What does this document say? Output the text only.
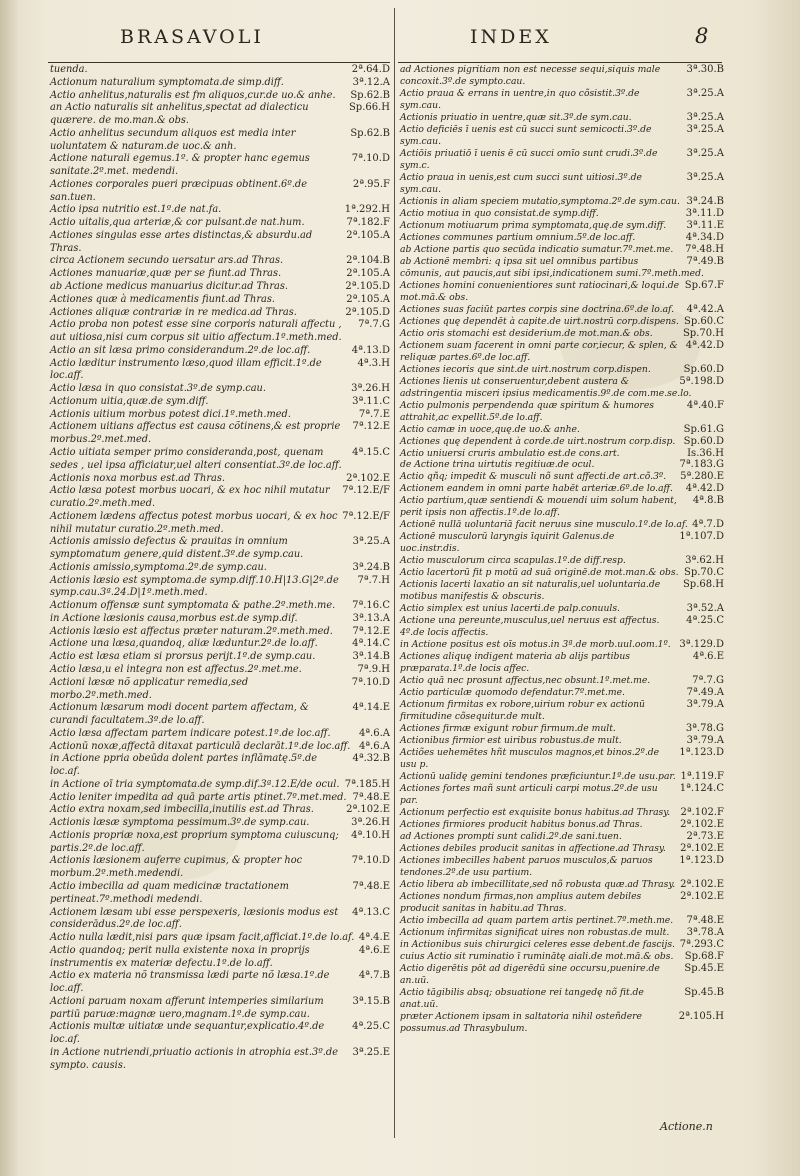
BRASAVOLI	INDEX	8

2ª.64.D
tuenda.

3ª.12.A
Actionum naturalium symptomata.de simp.diff.

Sp.62.B
Actio anhelitus,naturalis est fm aliquos,cur.de uo.& anhe.

Sp.66.H
an Actio naturalis sit anhelitus,spectat ad dialecticu quærere. de mo.man.& obs.

Sp.62.B
Actio anhelitus secundum aliquos est media inter uoluntatem & naturam.de uoc.& anh.

7ª.10.D
Actione naturali egemus.1º. & propter hanc egemus sanitate.2º.met. medendi.

2ª.95.F
Actiones corporales pueri præcipuas obtinent.6º.de san.tuen.

1ª.292.H
Actio ipsa nutritio est.1º.de nat.fa.

7ª.182.F
Actio uitalis,qua arteriæ,& cor pulsant.de nat.hum.

2ª.105.A
Actiones singulas esse artes distinctas,& absurdu.ad Thras.

2ª.104.B
circa Actionem secundo uersatur ars.ad Thras.

2ª.105.A
Actiones manuariæ,quæ per se fiunt.ad Thras.

2ª.105.D
ab Actione medicus manuarius dicitur.ad Thras.

2ª.105.A
Actiones quæ à medicamentis fiunt.ad Thras.

2ª.105.D
Actiones aliquæ contrariæ in re medica.ad Thras.

7ª.7.G
Actio proba non potest esse sine corporis naturali affectu , aut uitiosa,nisi cum corpus sit uitio affectum.1º.meth.med.

4ª.13.D
Actio an sit læsa primo considerandum.2º.de loc.aff.

4ª.3.H
Actio læditur instrumento læso,quod illam efficit.1º.de loc.aff.

3ª.26.H
Actio læsa in quo consistat.3º.de symp.cau.

3ª.11.C
Actionum uitia,quæ.de sym.diff.

7ª.7.E
Actionis uitium morbus potest dici.1º.meth.med.

7ª.12.E
Actionem uitians affectus est causa cõtinens,& est proprie morbus.2º.met.med.

4ª.15.C
Actio uitiata semper primo consideranda,post, quenam sedes , uel ipsa afficiatur,uel alteri consentiat.3º.de loc.aff.

2ª.102.E
Actionis noxa morbus est.ad Thras.

7ª.12.E/F
Actio læsa potest morbus uocari, & ex hoc nihil mutatur curatio.2º.meth.med.

7ª.12.E/F
Actionem lædens affectus potest morbus uocari, & ex hoc nihil mutatur curatio.2º.meth.med.

3ª.25.A
Actionis amissio defectus & prauitas in omnium symptomatum genere,quid distent.3º.de symp.cau.

3ª.24.B
Actionis amissio,symptoma.2º.de symp.cau.

7ª.7.H
Actionis læsio est symptoma.de symp.diff.10.H|13.G|2º.de symp.cau.3ª.24.D|1º.meth.med.

7ª.16.C
Actionum offensæ sunt symptomata & pathe.2º.meth.me.

3ª.13.A
in Actione læsionis causa,morbus est.de symp.dif.

7ª.12.E
Actionis læsio est affectus præter naturam.2º.meth.med.

4ª.14.C
Actione una læsa,quandoq, aliæ læduntur.2º.de lo.aff.

3ª.14.B
Actio est læsa etiam si prorsus perijt.1º.de symp.cau.

7ª.9.H
Actio læsa,u el integra non est affectus.2º.met.me.

7ª.10.D
Actioni læsæ nõ applicatur remedia,sed morbo.2º.meth.med.

4ª.14.E
Actionum læsarum modi docent partem affectam, & curandi facultatem.3º.de lo.aff.

4ª.6.A
Actio læsa affectam partem indicare potest.1º.de loc.aff.

4ª.6.A
Actionū noxæ,affectā ditaxat particulā declarāt.1º.de loc.aff.

4ª.32.B
in Actione ppria obeūda dolent partes inflāmatę.5º.de loc.af.

7ª.185.H
in Actione oī tria symptomata.de symp.dif.3ª.12.E/de ocul.

7ª.48.E
Actio leniter impedita ad quā parte artis ptinet.7º.met.med.

2ª.102.E
Actio extra noxam,sed imbecilla,inutilis est.ad Thras.

3ª.26.H
Actionis læsæ symptoma pessimum.3º.de symp.cau.

4ª.10.H
Actionis propriæ noxa,est proprium symptoma cuiuscunq; partis.2º.de loc.aff.

7ª.10.D
Actionis læsionem auferre cupimus, & propter hoc morbum.2º.meth.medendi.

7ª.48.E
Actio imbecilla ad quam medicinæ tractationem pertineat.7º.methodi medendi.

4ª.13.C
Actionem læsam ubi esse perspexeris, læsionis modus est considerādus.2º.de loc.aff.

4ª.4.E
Actio nulla lædit,nisi pars quæ ipsam facit,afficiat.1º.de lo.af.

4ª.6.E
Actio quandoq; perit nulla existente noxa in proprijs instrumentis ex materiæ defectu.1º.de lo.aff.

4ª.7.B
Actio ex materia nõ transmissa lædi parte nõ læsa.1º.de loc.aff.

3ª.15.B
Actioni paruam noxam afferunt intemperies similarium partiū paruæ:magnæ uero,magnam.1º.de symp.cau.

4ª.25.C
Actionis multæ uitiatæ unde sequantur,explicatio.4º.de loc.af.

3ª.25.E
in Actione nutriendi,priuatio actionis in atrophia est.3º.de sympto. causis.

3ª.30.B
ad Actiones pigritiam non est necesse sequi,siquis male concoxit.3º.de sympto.cau.

3ª.25.A
Actio praua & errans in uentre,in quo cõsistit.3º.de sym.cau.

3ª.25.A
Actionis priuatio in uentre,quæ sit.3º.de sym.cau.

3ª.25.A
Actio deficiēs ī uenis est cū succi sunt semicocti.3º.de sym.cau.

3ª.25.A
Actiōis priuatiō ī uenis ē cū succi omīo sunt crudi.3º.de sym.c.

3ª.25.A
Actio praua in uenis,est cum succi sunt uitiosi.3º.de sym.cau.

3ª.24.B
Actionis in aliam speciem mutatio,symptoma.2º.de sym.cau.

3ª.11.D
Actio motiua in quo consistat.de symp.diff.

3ª.11.E
Actionum motiuarum prima symptomata,quę.de sym.diff.

4ª.34.D
Actiones communes partium omnium.5º.de loc.aff.

7ª.48.H
ab Actione partis quo secūda indicatio sumatur.7º.met.me.

7ª.49.B
ab Actionē membri: q ipsa sit uel omnibus partibus cōmunis, aut paucis,aut sibi ipsi,indicationem sumi.7º.meth.med.

Sp.67.F
Actiones homini conuenientiores sunt ratiocinari,& loqui.de mot.mā.& obs.

4ª.42.A
Actiones suas faciūt partes corpis sine doctrina.6º.de lo.af.

Sp.60.C
Actiones quę dependēt à capite.de uirt.nostrū corp.dispens.

Sp.70.H
Actio oris stomachi est desiderium.de mot.man.& obs.

4ª.42.D
Actionem suam facerent in omni parte cor,iecur, & splen, & reliquæ partes.6º.de loc.aff.

Sp.60.D
Actiones iecoris que sint.de uirt.nostrum corp.dispen.

5ª.198.D
Actiones lienis ut conseruentur,debent austera & adstringentia misceri ipsius medicamentis.9º.de com.me.se.lo.

4ª.40.F
Actio pulmonis perpendenda quæ spiritum & humores attrahit,ac expellit.5º.de lo.aff.

Sp.61.G
Actio camæ in uoce,quę.de uo.& anhe.

Sp.60.D
Actiones quę dependent à corde.de uirt.nostrum corp.disp.

Is.36.H
Actio uniuersi cruris ambulatio est.de cons.art.

7ª.183.G
de Actione trina uirtutis regitiuæ.de ocul.

5ª.280.E
Actio qñq; impedit & musculi nõ sunt affecti.de art.cõ.3º.

4ª.42.D
Actionem eandem in omni parte habēt arteriæ.6º.de lo.aff.

4ª.8.B
Actio partium,quæ sentiendi & mouendi uim solum habent, perit ipsis non affectis.1º.de lo.aff.

4ª.7.D
Actionē nullā uoluntariā facit neruus sine musculo.1º.de lo.af.

1ª.107.D
Actionē musculorū laryngis īquirit Galenus.de uoc.instr.dis.

3ª.62.H
Actio musculorum circa scapulas.1º.de diff.resp.

Sp.70.C
Actio lacertorū fit p motū ad suā originē.de mot.man.& obs.

Sp.68.H
Actionis lacerti laxatio an sit naturalis,uel uoluntaria.de motibus manifestis & obscuris.

3ª.52.A
Actio simplex est unius lacerti.de palp.conuuls.

4ª.25.C
Actione una pereunte,musculus,uel neruus est affectus. 4º.de locis affectis.

3ª.129.D
in Actione positus est oīs motus.in 3ª.de morb.uul.oom.1º.

4ª.6.E
Actiones aliquę indigent materia ab alijs partibus præparata.1º.de locis affec.

7ª.7.G
Actio quā nec prosunt affectus,nec obsunt.1º.met.me.

7ª.49.A
Actio particulæ quomodo defendatur.7º.met.me.

3ª.79.A
Actionum firmitas ex robore,uirium robur ex actionū firmitudine cõsequitur.de mult.

3ª.78.G
Actiones firmæ exigunt robur firmum.de mult.

3ª.79.A
Actionibus firmior est uiribus robustus.de mult.

1ª.123.D
Actiões uehemētes hñt musculos magnos,et binos.2º.de usu p.

1ª.119.F
Actionū ualidę gemini tendones præficiuntur.1º.de usu.par.

1ª.124.C
Actiones fortes mañ sunt articuli carpi motus.2º.de usu par.

2ª.102.F
Actionum perfectio est exquisite bonus habitus.ad Thrasy.

2ª.102.E
Actiones firmiores producit habitus bonus.ad Thras.

2ª.73.E
ad Actiones prompti sunt calidi.2º.de sani.tuen.

2ª.102.E
Actiones debiles producit sanitas in affectione.ad Thrasy.

1ª.123.D
Actiones imbecilles habent paruos musculos,& paruos tendones.2º.de usu partium.

2ª.102.E
Actio libera ab imbecillitate,sed nõ robusta quæ.ad Thrasy.

2ª.102.E
Actiones nondum firmas,non amplius autem debiles producit sanitas in habitu.ad Thras.

7ª.48.E
Actio imbecilla ad quam partem artis pertinet.7º.meth.me.

3ª.78.A
Actionum infirmitas significat uires non robustas.de mult.

7ª.293.C
in Actionibus suis chirurgici celeres esse debent.de fascijs.

Sp.68.F
cuius Actio sit ruminatio ī ruminātę aiali.de mot.mā.& obs.

Sp.45.E
Actio digerētis pōt ad digerēdū sine occursu,puenire.de an.uū.

Sp.45.B
Actio tāgibilis absq; obsuatione rei tangedę nõ fit.de anat.uū.

2ª.105.H
præter Actionem ipsam in saltatoria nihil osteñdere possumus.ad Thrasybulum.

Actione.n
